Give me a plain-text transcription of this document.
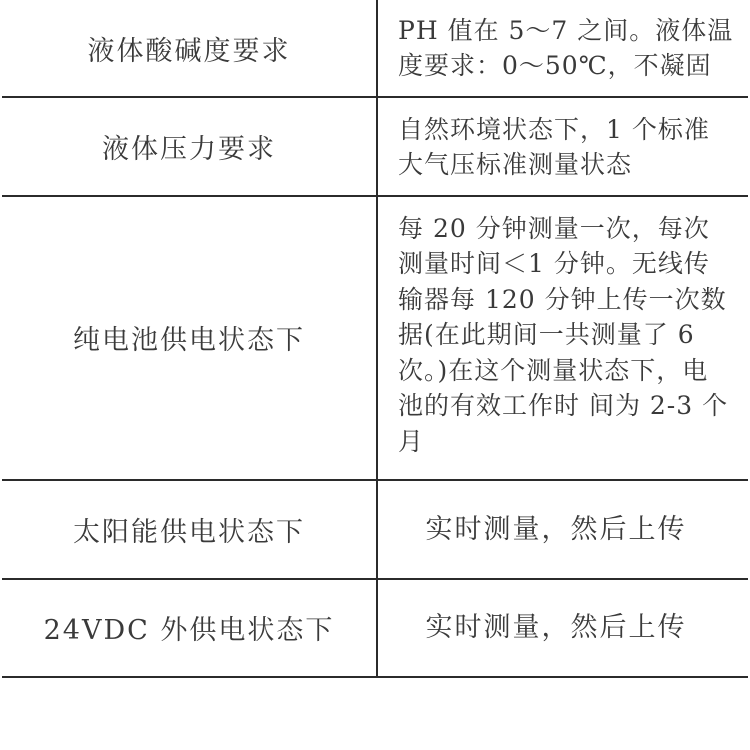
液体酸碱度要求	PH 值在 5～7 之间。液体温度要求：0～50℃，不凝固
液体压力要求	自然环境状态下，1 个标准大气压标准测量状态
纯电池供电状态下	每 20 分钟测量一次，每次测量时间＜1 分钟。无线传输器每 120 分钟上传一次数据(在此期间一共测量了 6 次。)在这个测量状态下，电池的有效工作时 间为 2-3 个月
太阳能供电状态下	实时测量，然后上传
24VDC 外供电状态下	实时测量，然后上传
